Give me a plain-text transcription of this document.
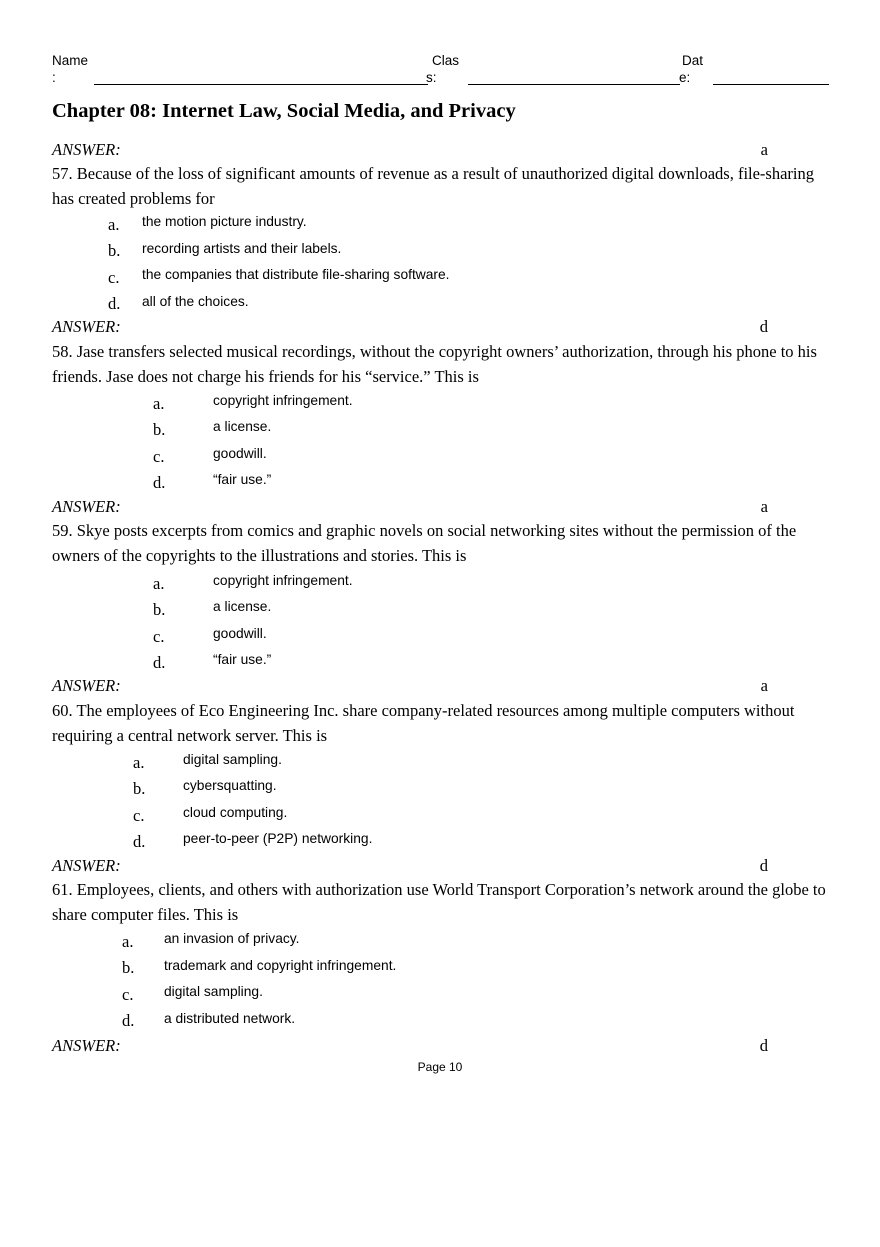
Name
:
Clas
s:
Dat
e:
Chapter 08: Internet Law, Social Media, and Privacy
ANSWER:	a

57. Because of the loss of significant amounts of revenue as a result of unauthorized digital downloads, file-sharing has created problems for

a. the motion picture industry.
b. recording artists and their labels.
c. the companies that distribute file-sharing software.
d. all of the choices.
ANSWER:	d

58. Jase transfers selected musical recordings, without the copyright owners’ authorization, through his phone to his friends. Jase does not charge his friends for his “service.” This is

a.	copyright infringement.
b.	a license.
c.	goodwill.
d.	“fair use.”
ANSWER:	a

59. Skye posts excerpts from comics and graphic novels on social networking sites without the permission of the owners of the copyrights to the illustrations and stories. This is

a.	copyright infringement.
b.	a license.
c.	goodwill.
d.	“fair use.”
ANSWER:	a

60. The employees of Eco Engineering Inc. share company-related resources among multiple computers without requiring a central network server. This is

a.	digital sampling.
b.	cybersquatting.
c.	cloud computing.
d.	peer-to-peer (P2P) networking.
ANSWER:	d

61. Employees, clients, and others with authorization use World Transport Corporation’s network around the globe to share computer files. This is

a. an invasion of privacy.
b. trademark and copyright infringement.
c. digital sampling.
d. a distributed network.
ANSWER:	d
Page 10
